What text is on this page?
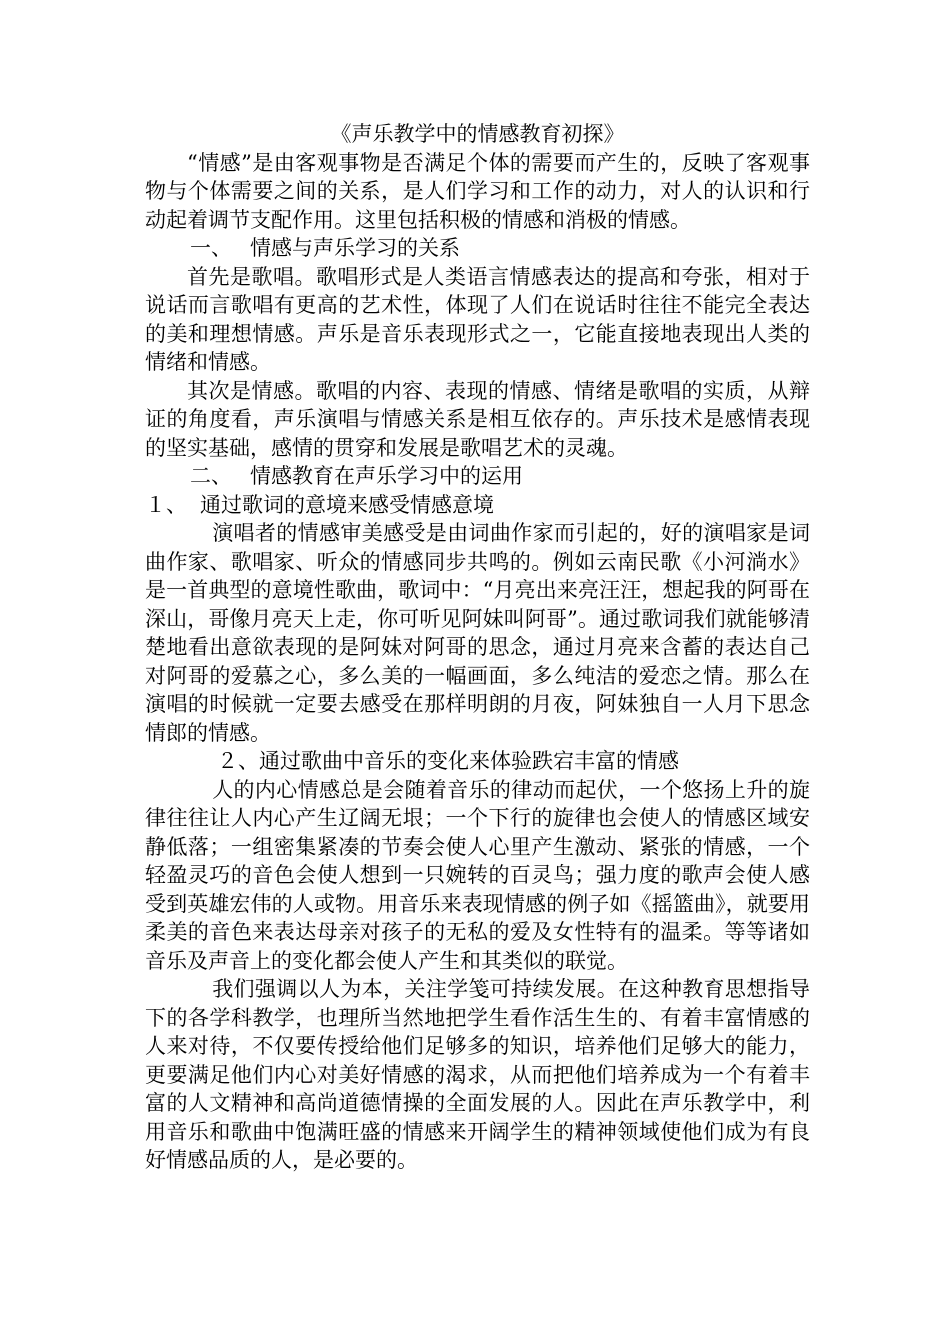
《声乐教学中的情感教育初探》

“情感”是由客观事物是否满足个体的需要而产生的，反映了客观事物与个体需要之间的关系，是人们学习和工作的动力，对人的认识和行动起着调节支配作用。这里包括积极的情感和消极的情感。

一、 情感与声乐学习的关系

首先是歌唱。歌唱形式是人类语言情感表达的提高和夸张，相对于说话而言歌唱有更高的艺术性，体现了人们在说话时往往不能完全表达的美和理想情感。声乐是音乐表现形式之一，它能直接地表现出人类的情绪和情感。

其次是情感。歌唱的内容、表现的情感、情绪是歌唱的实质，从辩证的角度看，声乐演唱与情感关系是相互依存的。声乐技术是感情表现的坚实基础，感情的贯穿和发展是歌唱艺术的灵魂。

二、 情感教育在声乐学习中的运用

１、 通过歌词的意境来感受情感意境

演唱者的情感审美感受是由词曲作家而引起的，好的演唱家是词曲作家、歌唱家、听众的情感同步共鸣的。例如云南民歌《小河淌水》是一首典型的意境性歌曲，歌词中：“月亮出来亮汪汪，想起我的阿哥在深山，哥像月亮天上走，你可听见阿妹叫阿哥”。通过歌词我们就能够清楚地看出意欲表现的是阿妹对阿哥的思念，通过月亮来含蓄的表达自己对阿哥的爱慕之心，多么美的一幅画面，多么纯洁的爱恋之情。那么在演唱的时候就一定要去感受在那样明朗的月夜，阿妹独自一人月下思念情郎的情感。

２、通过歌曲中音乐的变化来体验跌宕丰富的情感

人的内心情感总是会随着音乐的律动而起伏，一个悠扬上升的旋律往往让人内心产生辽阔无垠；一个下行的旋律也会使人的情感区域安静低落；一组密集紧凑的节奏会使人心里产生激动、紧张的情感，一个轻盈灵巧的音色会使人想到一只婉转的百灵鸟；强力度的歌声会使人感受到英雄宏伟的人或物。用音乐来表现情感的例子如《摇篮曲》，就要用柔美的音色来表达母亲对孩子的无私的爱及女性特有的温柔。等等诸如音乐及声音上的变化都会使人产生和其类似的联觉。

我们强调以人为本，关注学笺可持续发展。在这种教育思想指导下的各学科教学，也理所当然地把学生看作活生生的、有着丰富情感的人来对待，不仅要传授给他们足够多的知识，培养他们足够大的能力，更要满足他们内心对美好情感的渴求，从而把他们培养成为一个有着丰富的人文精神和高尚道德情操的全面发展的人。因此在声乐教学中，利用音乐和歌曲中饱满旺盛的情感来开阔学生的精神领域使他们成为有良好情感品质的人，是必要的。
